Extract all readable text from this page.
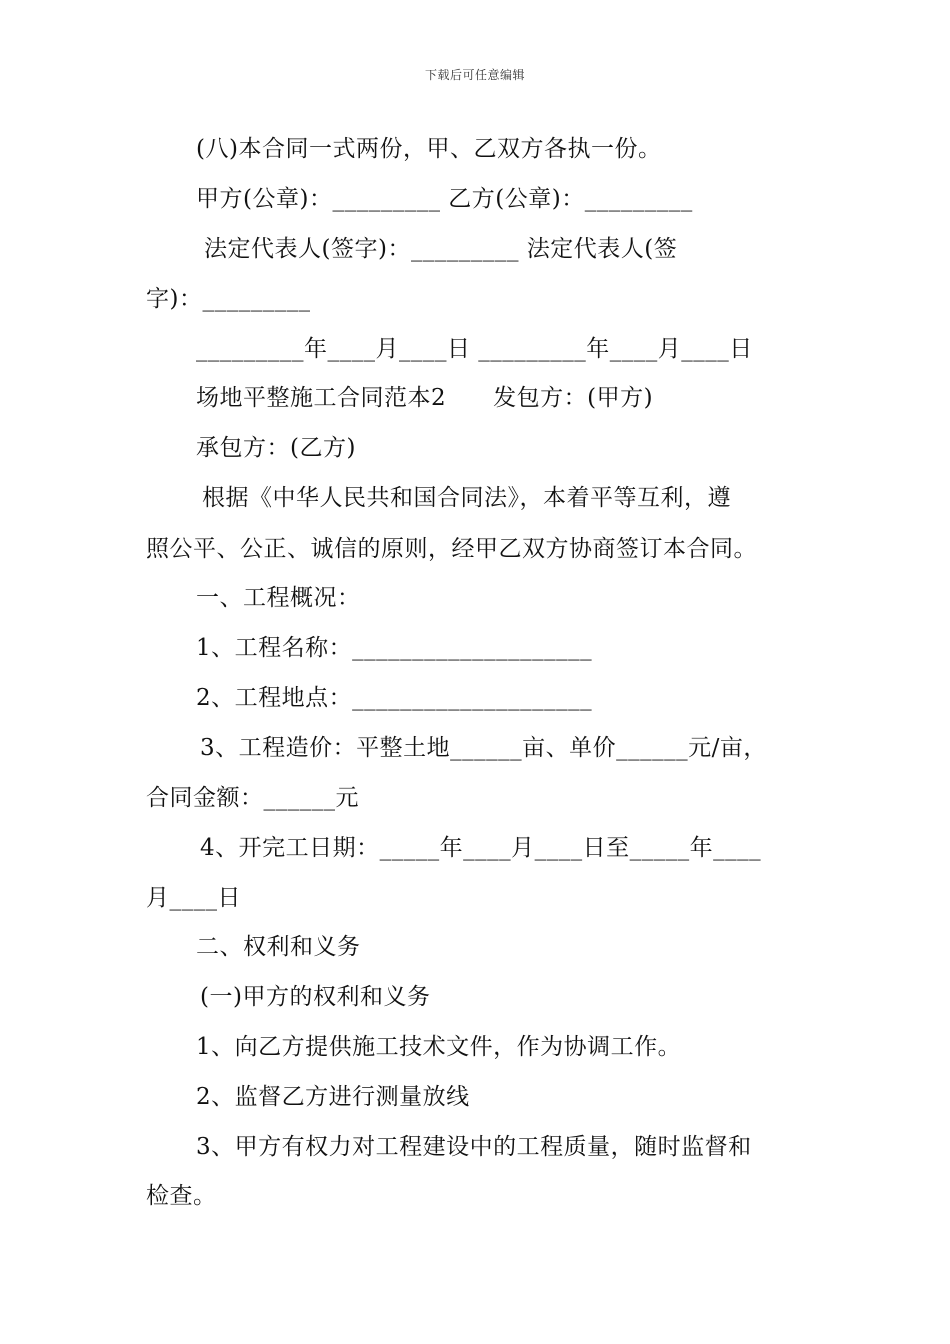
下载后可任意编辑
(八)本合同一式两份，甲、乙双方各执一份。
甲方(公章)：_________ 乙方(公章)：_________
法定代表人(签字)：_________ 法定代表人(签
字)：_________
_________年____月____日 _________年____月____日
场地平整施工合同范本2　　发包方：(甲方)
承包方：(乙方)
根据《中华人民共和国合同法》，本着平等互利，遵
照公平、公正、诚信的原则，经甲乙双方协商签订本合同。
一、工程概况：
1、工程名称：____________________
2、工程地点：____________________
3、工程造价：平整土地______亩、单价______元/亩，
合同金额：______元
4、开完工日期：_____年____月____日至_____年____
月____日
二、权利和义务
(一)甲方的权利和义务
1、向乙方提供施工技术文件，作为协调工作。
2、监督乙方进行测量放线
3、甲方有权力对工程建设中的工程质量，随时监督和
检查。
